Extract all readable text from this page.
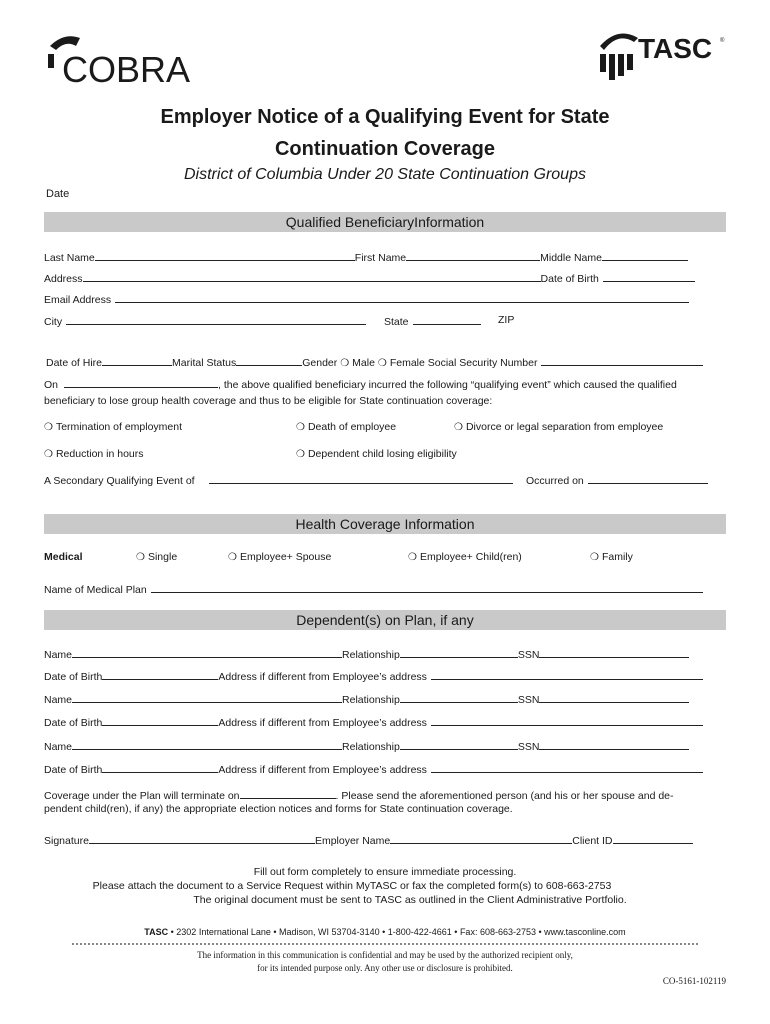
COBRA
TASC ®
Employer Notice of a Qualifying Event for State
Continuation Coverage
District of Columbia Under 20 State Continuation Groups
Date
Qualified BeneficiaryInformation
Last Name	First Name	Middle Name
Address	Date of Birth
Email Address
City	State	ZIP
Date of Hire	Marital Status	Gender ❍ Male ❍ Female Social Security Number
On	, the above qualified beneficiary incurred the following “qualifying event” which caused the qualified
beneficiary to lose group health coverage and thus to be eligible for State continuation coverage:
❍ Termination of employment	❍ Death of employee	❍ Divorce or legal separation from employee
❍ Reduction in hours	❍ Dependent child losing eligibility
A Secondary Qualifying Event of	Occurred on
Health Coverage Information
Medical	❍ Single	❍ Employee+ Spouse	❍ Employee+ Child(ren)	❍ Family
Name of Medical Plan
Dependent(s) on Plan, if any
Name	Relationship	SSN
Date of Birth	Address if different from Employee’s address
Name	Relationship	SSN
Date of Birth	Address if different from Employee’s address
Name	Relationship	SSN
Date of Birth	Address if different from Employee’s address
Coverage under the Plan will terminate on	. Please send the aforementioned person (and his or her spouse and de-
pendent child(ren), if any) the appropriate election notices and forms for State continuation coverage.
Signature	Employer Name	Client ID
Fill out form completely to ensure immediate processing.
Please attach the document to a Service Request within MyTASC or fax the completed form(s) to 608-663-2753
The original document must be sent to TASC as outlined in the Client Administrative Portfolio.
TASC • 2302 International Lane • Madison, WI 53704-3140 • 1-800-422-4661 • Fax: 608-663-2753 • www.tasconline.com
The information in this communication is confidential and may be used by the authorized recipient only,
for its intended purpose only. Any other use or disclosure is prohibited.
CO-5161-102119
